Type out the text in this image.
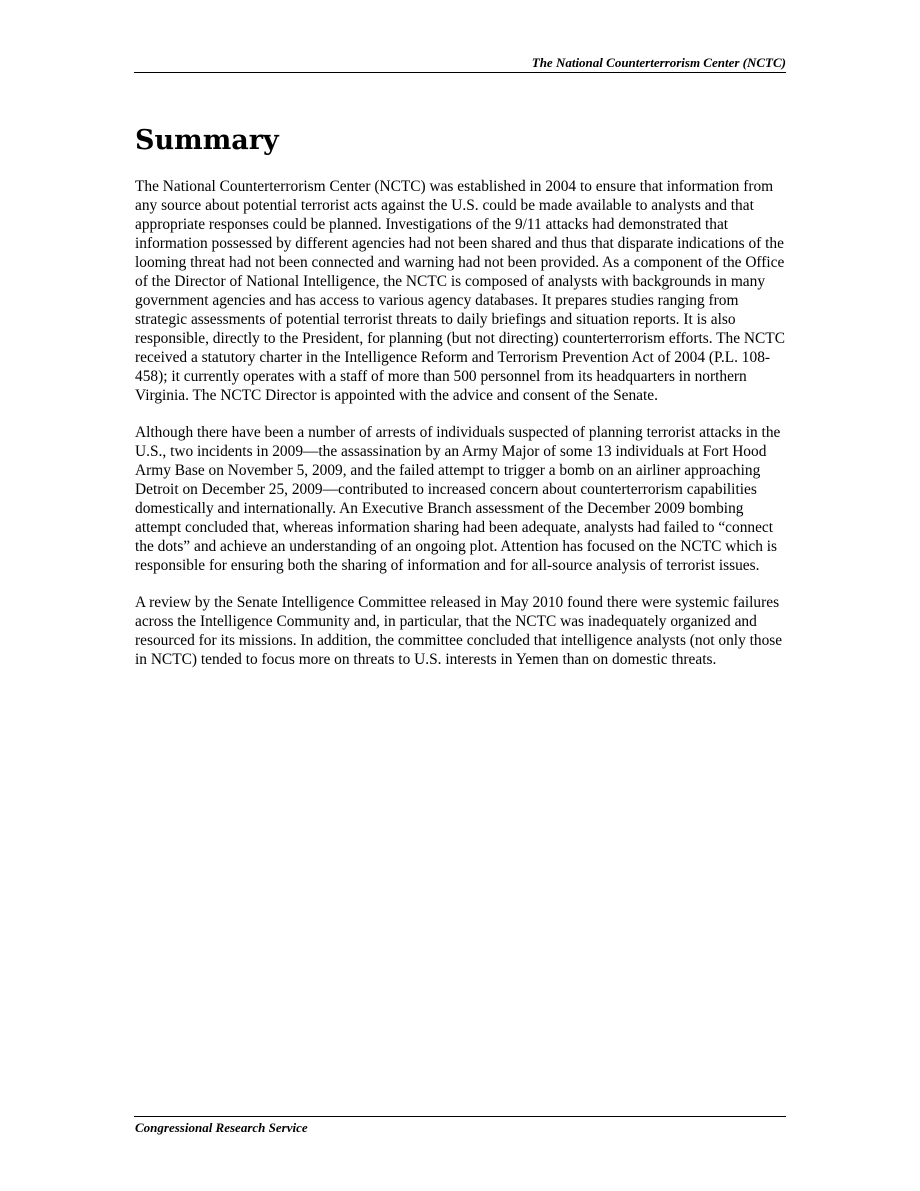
The National Counterterrorism Center (NCTC)
Summary

The National Counterterrorism Center (NCTC) was established in 2004 to ensure that information from any source about potential terrorist acts against the U.S. could be made available to analysts and that appropriate responses could be planned. Investigations of the 9/11 attacks had demonstrated that information possessed by different agencies had not been shared and thus that disparate indications of the looming threat had not been connected and warning had not been provided. As a component of the Office of the Director of National Intelligence, the NCTC is composed of analysts with backgrounds in many government agencies and has access to various agency databases. It prepares studies ranging from strategic assessments of potential terrorist threats to daily briefings and situation reports. It is also responsible, directly to the President, for planning (but not directing) counterterrorism efforts. The NCTC received a statutory charter in the Intelligence Reform and Terrorism Prevention Act of 2004 (P.L. 108-458); it currently operates with a staff of more than 500 personnel from its headquarters in northern Virginia. The NCTC Director is appointed with the advice and consent of the Senate.

Although there have been a number of arrests of individuals suspected of planning terrorist attacks in the U.S., two incidents in 2009—the assassination by an Army Major of some 13 individuals at Fort Hood Army Base on November 5, 2009, and the failed attempt to trigger a bomb on an airliner approaching Detroit on December 25, 2009—contributed to increased concern about counterterrorism capabilities domestically and internationally. An Executive Branch assessment of the December 2009 bombing attempt concluded that, whereas information sharing had been adequate, analysts had failed to “connect the dots” and achieve an understanding of an ongoing plot. Attention has focused on the NCTC which is responsible for ensuring both the sharing of information and for all-source analysis of terrorist issues.

A review by the Senate Intelligence Committee released in May 2010 found there were systemic failures across the Intelligence Community and, in particular, that the NCTC was inadequately organized and resourced for its missions. In addition, the committee concluded that intelligence analysts (not only those in NCTC) tended to focus more on threats to U.S. interests in Yemen than on domestic threats.

Congressional Research Service
